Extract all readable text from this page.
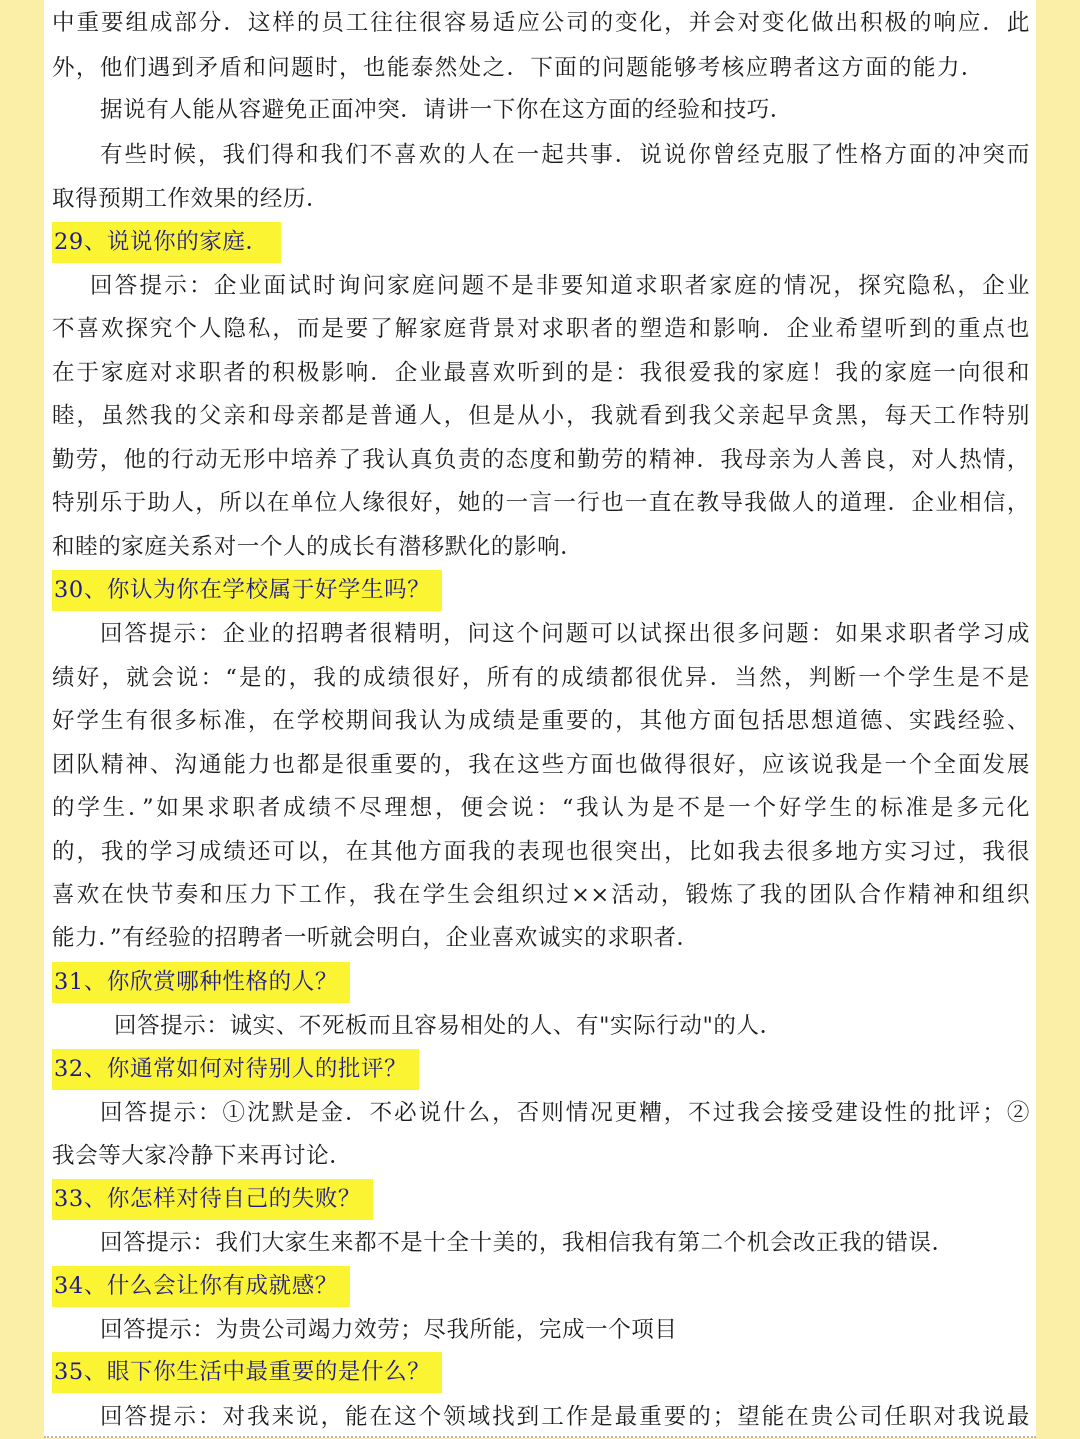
中重要组成部分．这样的员工往往很容易适应公司的变化，并会对变化做出积极的响应．此
外，他们遇到矛盾和问题时，也能泰然处之．下面的问题能够考核应聘者这方面的能力．
据说有人能从容避免正面冲突．请讲一下你在这方面的经验和技巧．
有些时候，我们得和我们不喜欢的人在一起共事．说说你曾经克服了性格方面的冲突而
取得预期工作效果的经历．
29、说说你的家庭．
回答提示：企业面试时询问家庭问题不是非要知道求职者家庭的情况，探究隐私，企业
不喜欢探究个人隐私，而是要了解家庭背景对求职者的塑造和影响．企业希望听到的重点也
在于家庭对求职者的积极影响．企业最喜欢听到的是：我很爱我的家庭！我的家庭一向很和
睦，虽然我的父亲和母亲都是普通人，但是从小，我就看到我父亲起早贪黑，每天工作特别
勤劳，他的行动无形中培养了我认真负责的态度和勤劳的精神．我母亲为人善良，对人热情，
特别乐于助人，所以在单位人缘很好，她的一言一行也一直在教导我做人的道理．企业相信，
和睦的家庭关系对一个人的成长有潜移默化的影响．
30、你认为你在学校属于好学生吗？
回答提示：企业的招聘者很精明，问这个问题可以试探出很多问题：如果求职者学习成
绩好，就会说：“是的，我的成绩很好，所有的成绩都很优异．当然，判断一个学生是不是
好学生有很多标准，在学校期间我认为成绩是重要的，其他方面包括思想道德、实践经验、
团队精神、沟通能力也都是很重要的，我在这些方面也做得很好，应该说我是一个全面发展
的学生．”如果求职者成绩不尽理想，便会说：“我认为是不是一个好学生的标准是多元化
的，我的学习成绩还可以，在其他方面我的表现也很突出，比如我去很多地方实习过，我很
喜欢在快节奏和压力下工作，我在学生会组织过××活动，锻炼了我的团队合作精神和组织
能力．”有经验的招聘者一听就会明白，企业喜欢诚实的求职者．
31、你欣赏哪种性格的人？
回答提示：诚实、不死板而且容易相处的人、有"实际行动"的人．
32、你通常如何对待别人的批评？
回答提示：①沈默是金．不必说什么，否则情况更糟，不过我会接受建设性的批评；②
我会等大家冷静下来再讨论．
33、你怎样对待自己的失败？
回答提示：我们大家生来都不是十全十美的，我相信我有第二个机会改正我的错误．
34、什么会让你有成就感？
回答提示：为贵公司竭力效劳；尽我所能，完成一个项目
35、眼下你生活中最重要的是什么？
回答提示：对我来说，能在这个领域找到工作是最重要的；望能在贵公司任职对我说最
